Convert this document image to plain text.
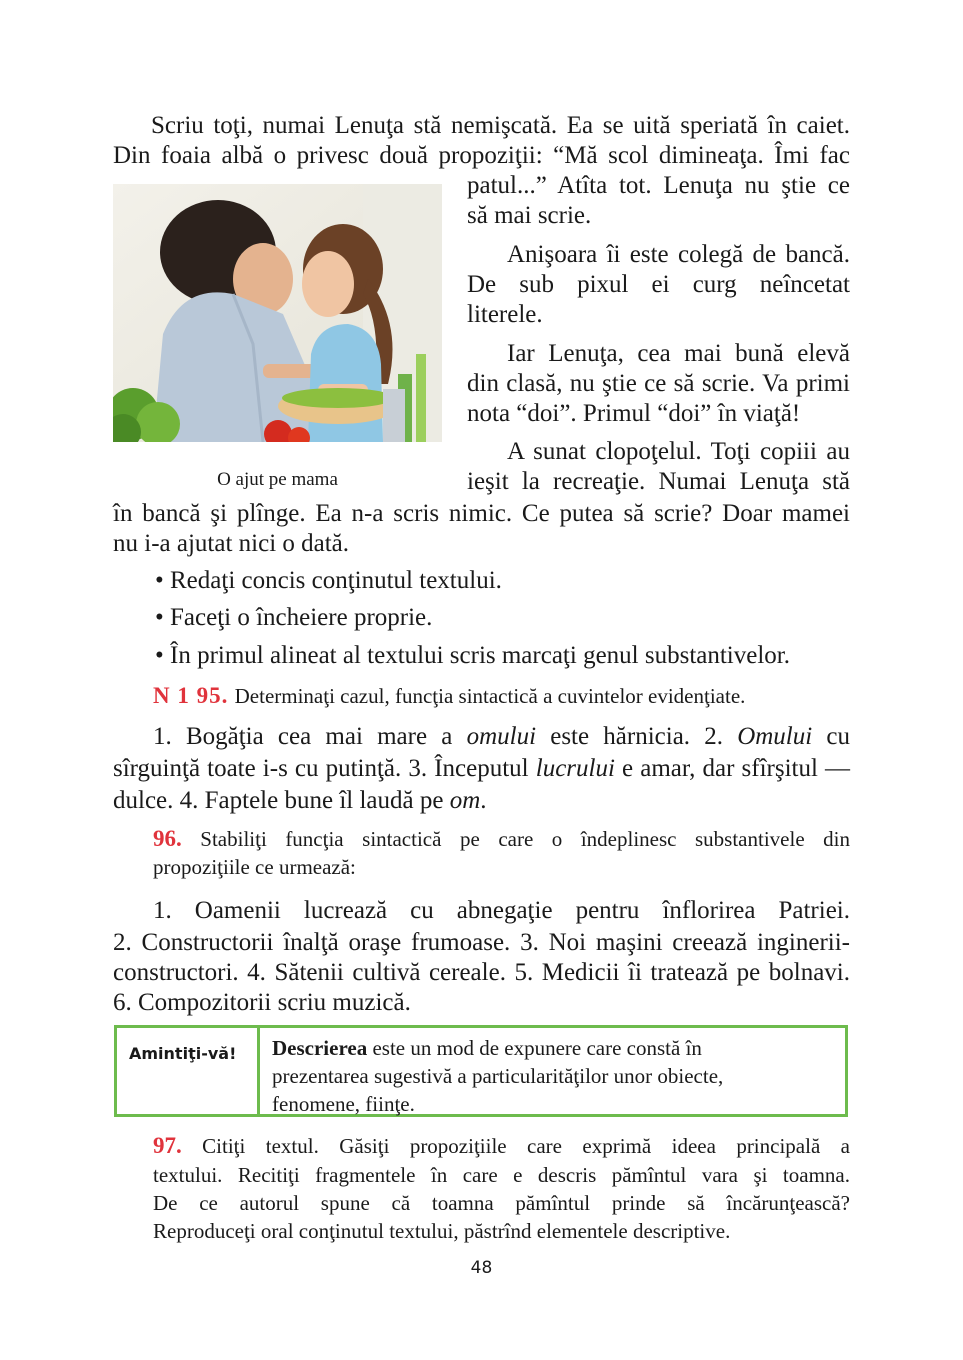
Scriu toţi, numai Lenuţa stă nemişcată. Ea se uită speriată în caiet.
Din foaia albă o privesc două propoziţii: “Mă scol dimineaţa. Îmi fac
patul...” Atîta tot. Lenuţa nu ştie ce
să mai scrie.
Anişoara îi este colegă de bancă.
De sub pixul ei curg neîncetat
literele.
Iar Lenuţa, cea mai bună elevă
din clasă, nu ştie ce să scrie. Va primi
nota “doi”. Primul “doi” în viaţă!
A sunat clopoţelul. Toţi copiii au
ieşit la recreaţie. Numai Lenuţa stă
în bancă şi plînge. Ea n-a scris nimic. Ce putea să scrie? Doar mamei
nu i-a ajutat nici o dată.
O ajut pe mama
• Redaţi concis conţinutul textului.
• Faceţi o încheiere proprie.
• În primul alineat al textului scris marcaţi genul substantivelor.
N 1 95. Determinaţi cazul, funcţia sintactică a cuvintelor evidenţiate.
1. Bogăţia cea mai mare a omului este hărnicia. 2. Omului cu
sîrguinţă toate i-s cu putinţă. 3. Începutul lucrului e amar, dar sfîrşitul —
dulce. 4. Faptele bune îl laudă pe om.
96. Stabiliţi funcţia sintactică pe care o îndeplinesc substantivele din
propoziţiile ce urmează:
1. Oamenii lucrează cu abnegaţie pentru înflorirea Patriei.
2. Constructorii înalţă oraşe frumoase. 3. Noi maşini creează inginerii-
constructori. 4. Sătenii cultivă cereale. 5. Medicii îi tratează pe bolnavi.
6. Compozitorii scriu muzică.
Amintiţi-vă!	Descrierea este un mod de expunere care constă în
prezentarea sugestivă a particularităţilor unor obiecte,
fenomene, fiinţe.
97. Citiţi textul. Găsiţi propoziţiile care exprimă ideea principală a
textului. Recitiţi fragmentele în care e descris pămîntul vara şi toamna.
De ce autorul spune că toamna pămîntul prinde să încărunţească?
Reproduceţi oral conţinutul textului, păstrînd elementele descriptive.
48
